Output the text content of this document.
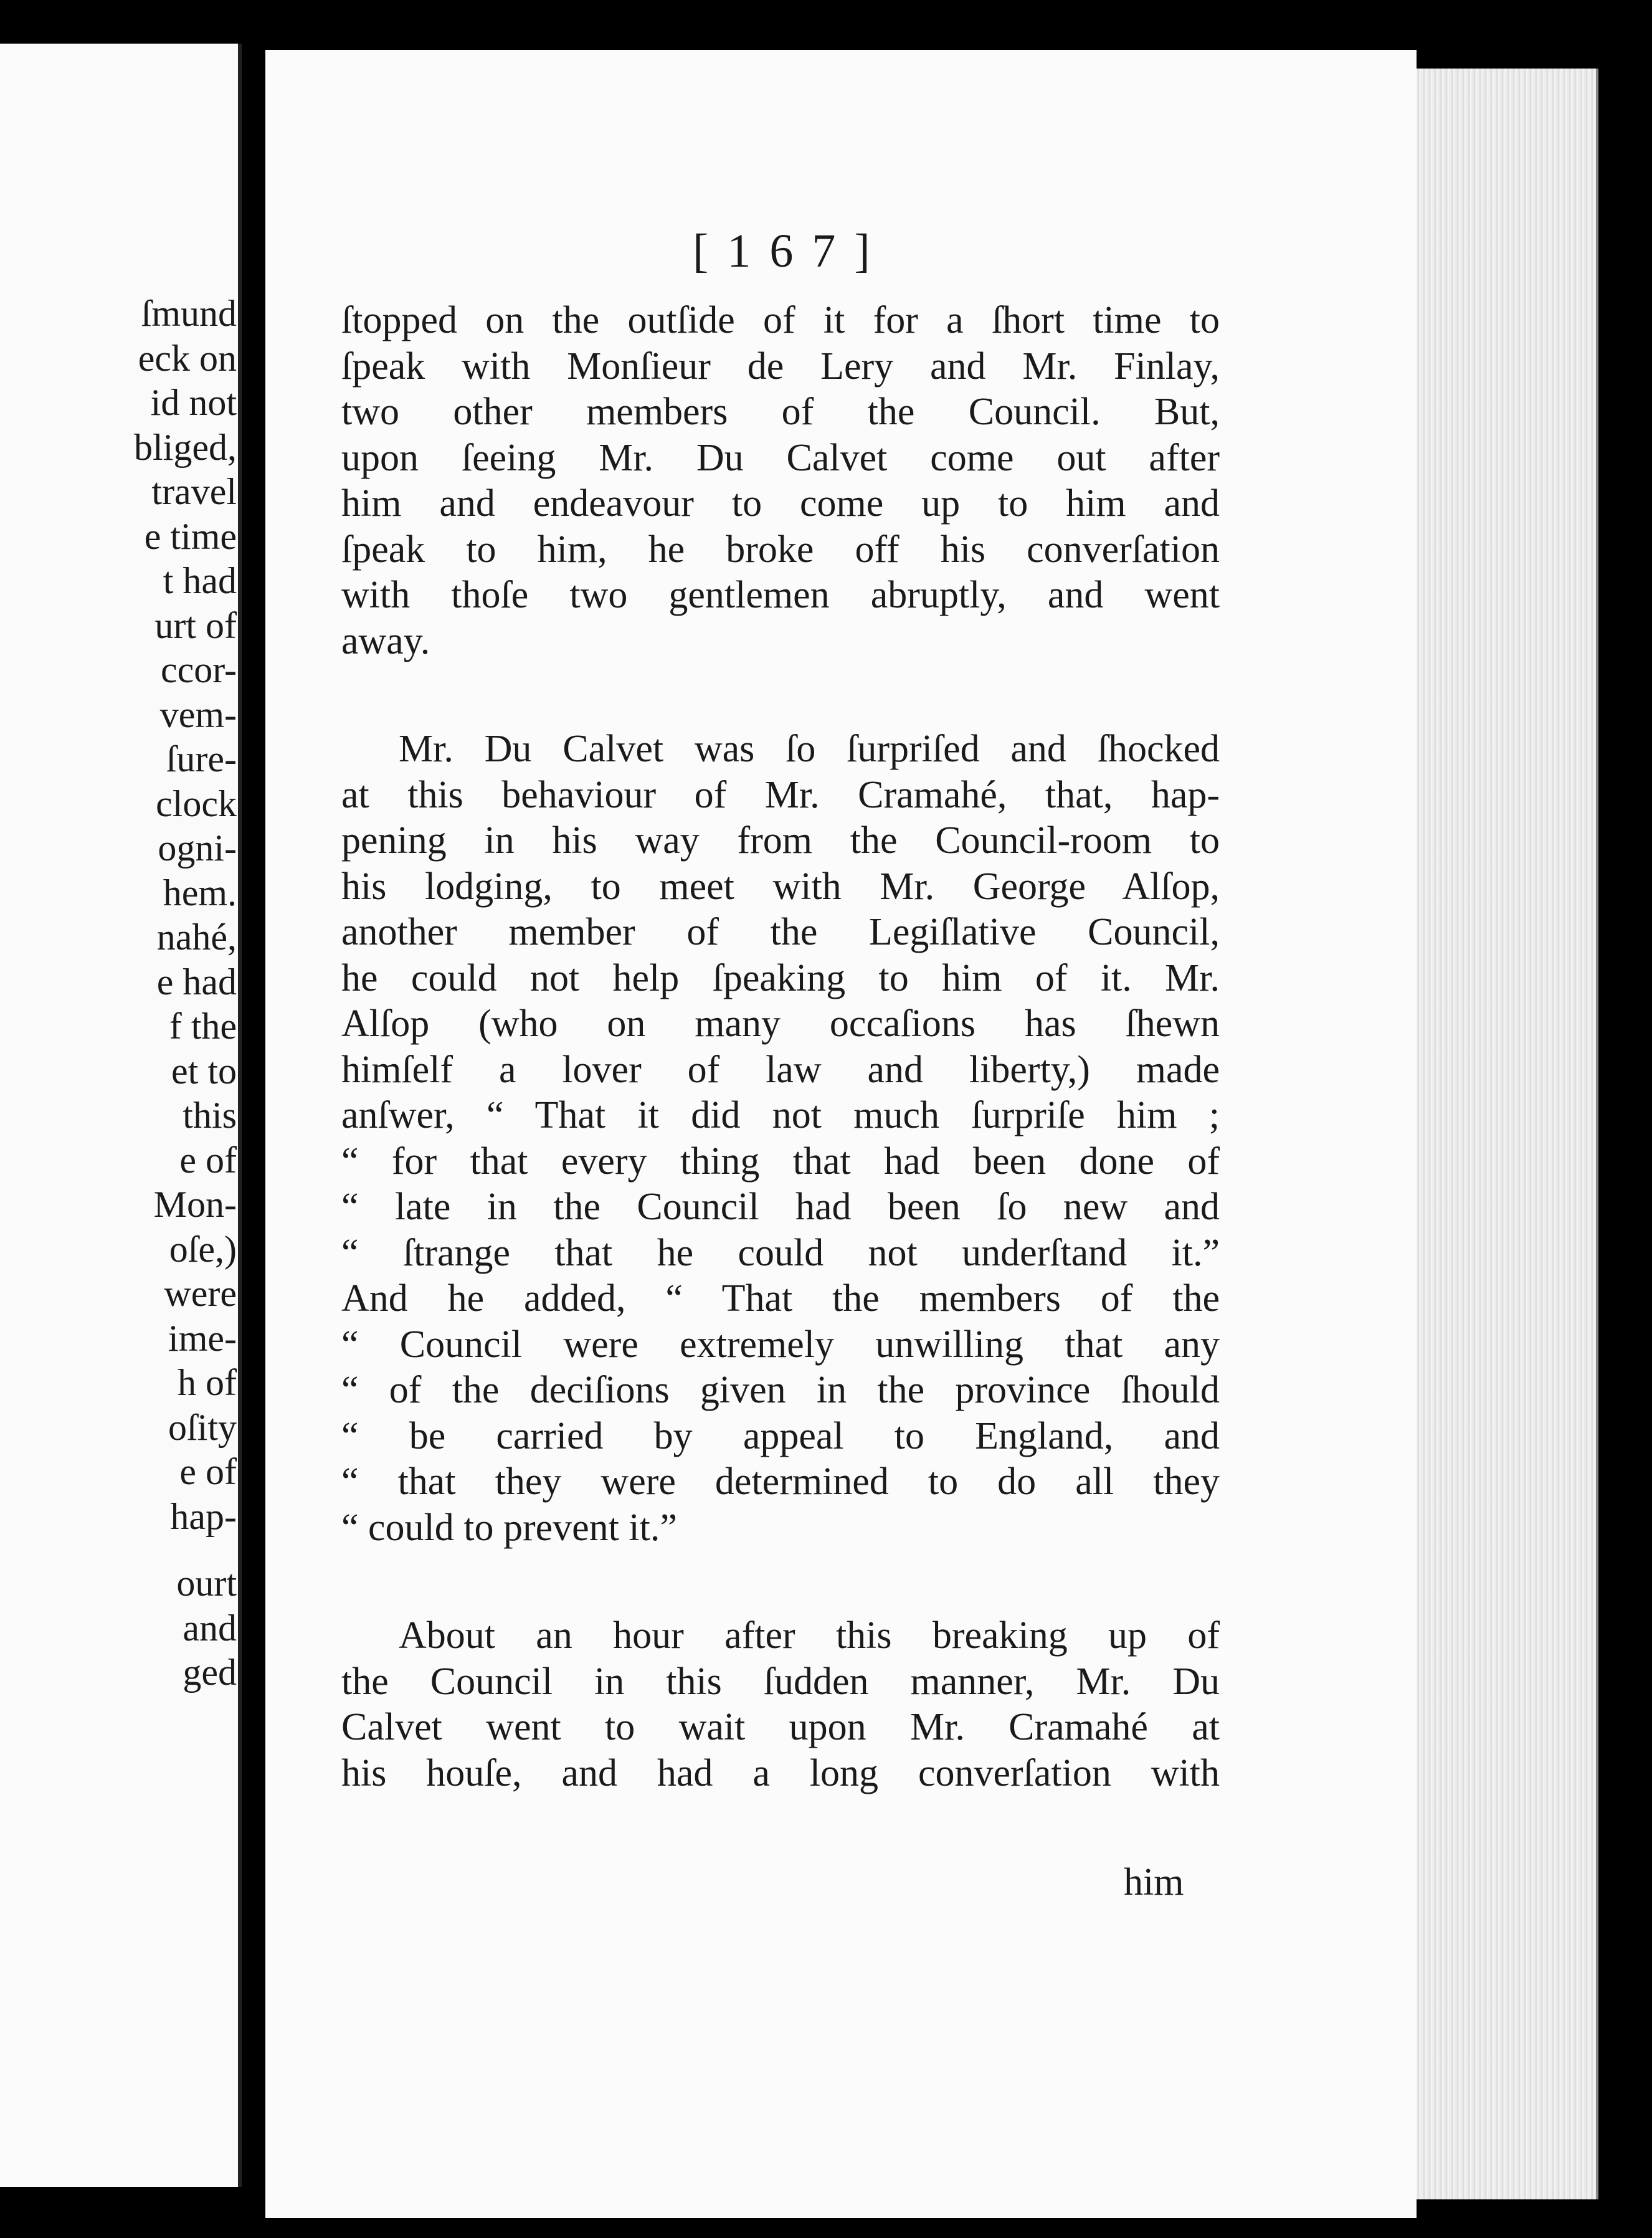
ſmund
eck on
id not
bliged,
travel
e time
t had
urt of
ccor-
vem-
ſure-
clock
ogni-
hem.
nahé,
e had
f the
et to
this
e of
Mon-
oſe,)
were
ime-
h of
oſity
e of
hap-
ourt
and
ged
[167]
ſtopped on the outſide of it for a ſhort time to
ſpeak with Monſieur de Lery and Mr. Finlay,
two other members of the Council. But,
upon ſeeing Mr. Du Calvet come out after
him and endeavour to come up to him and
ſpeak to him, he broke off his converſation
with thoſe two gentlemen abruptly, and went
away.
Mr. Du Calvet was ſo ſurpriſed and ſhocked
at this behaviour of Mr. Cramahé, that, hap-
pening in his way from the Council-room to
his lodging, to meet with Mr. George Alſop,
another member of the Legiſlative Council,
he could not help ſpeaking to him of it. Mr.
Alſop (who on many occaſions has ſhewn
himſelf a lover of law and liberty,) made
anſwer, “ That it did not much ſurpriſe him ;
“ for that every thing that had been done of
“ late in the Council had been ſo new and
“ ſtrange that he could not underſtand it.”
And he added, “ That the members of the
“ Council were extremely unwilling that any
“ of the deciſions given in the province ſhould
“ be carried by appeal to England, and
“ that they were determined to do all they
“ could to prevent it.”
About an hour after this breaking up of
the Council in this ſudden manner, Mr. Du
Calvet went to wait upon Mr. Cramahé at
his houſe, and had a long converſation with
him
